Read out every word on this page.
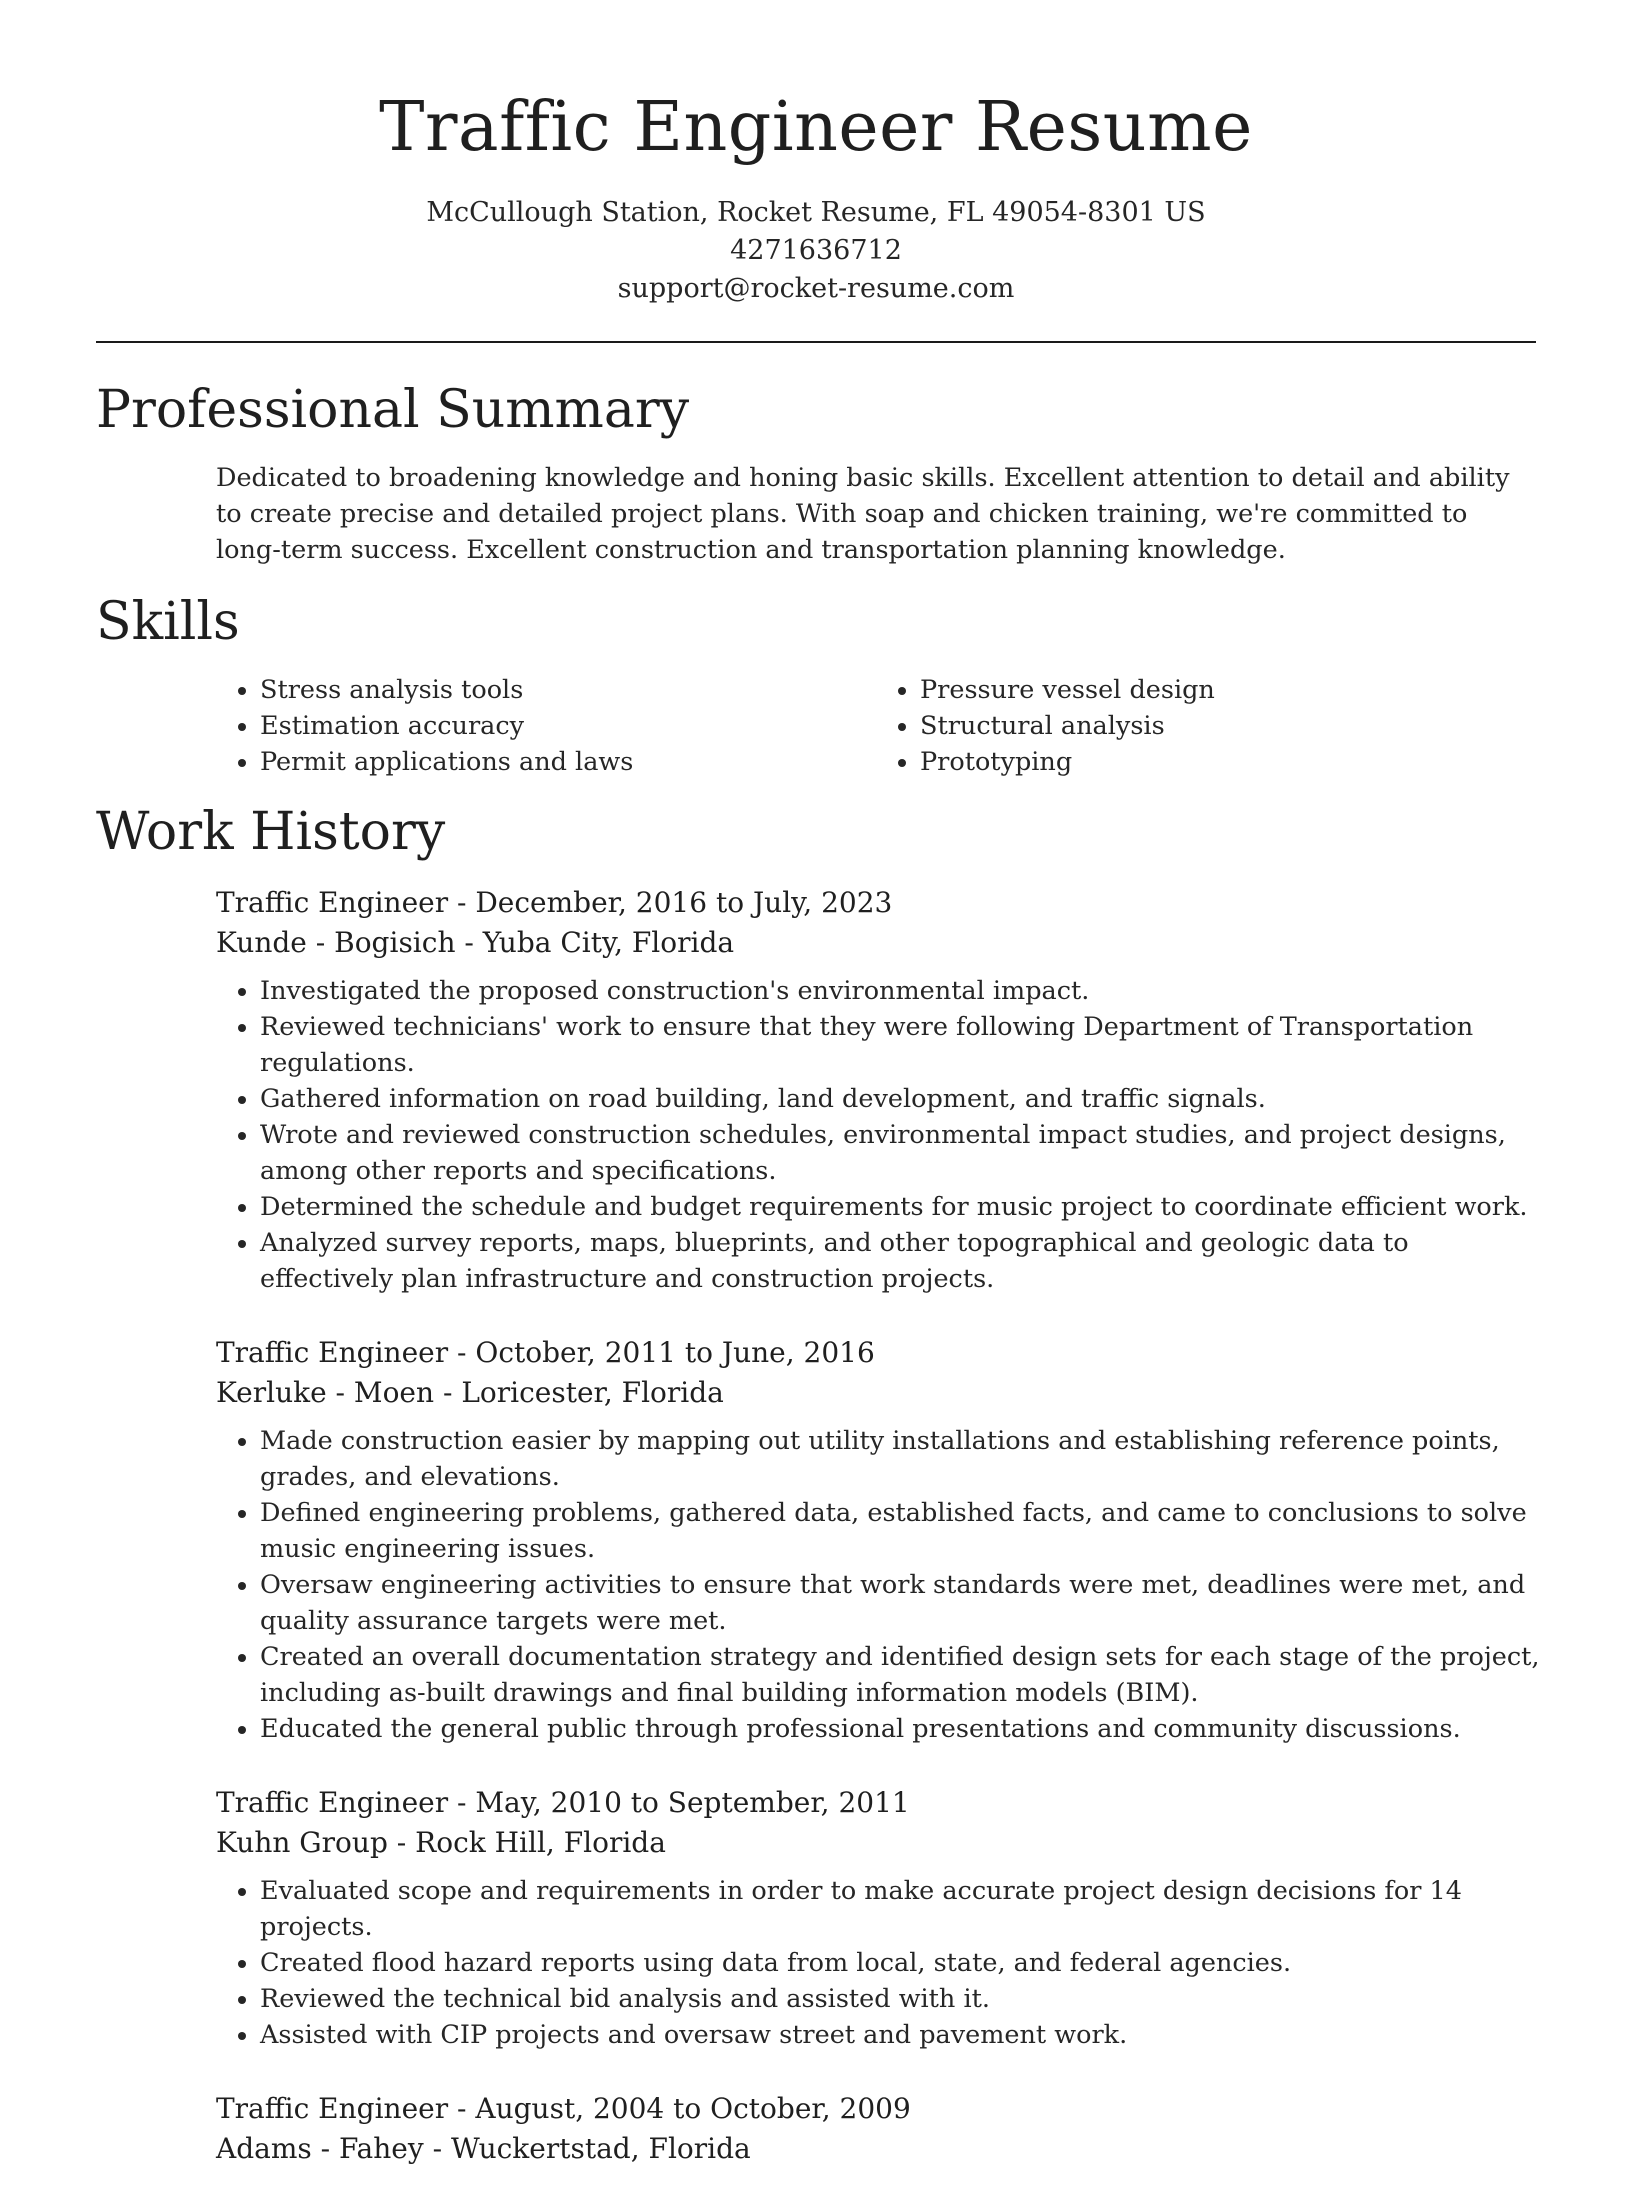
Traffic Engineer Resume
McCullough Station, Rocket Resume, FL 49054-8301 US
4271636712
support@rocket-resume.com
Professional Summary

Dedicated to broadening knowledge and honing basic skills. Excellent attention to detail and ability to create precise and detailed project plans. With soap and chicken training, we're committed to long-term success. Excellent construction and transportation planning knowledge.

Skills
• Stress analysis tools
• Estimation accuracy
• Permit applications and laws
• Pressure vessel design
• Structural analysis
• Prototyping
Work History
Traffic Engineer - December, 2016 to July, 2023
Kunde - Bogisich - Yuba City, Florida
• Investigated the proposed construction's environmental impact.
• Reviewed technicians' work to ensure that they were following Department of Transportation regulations.
• Gathered information on road building, land development, and traffic signals.
• Wrote and reviewed construction schedules, environmental impact studies, and project designs, among other reports and specifications.
• Determined the schedule and budget requirements for music project to coordinate efficient work.
• Analyzed survey reports, maps, blueprints, and other topographical and geologic data to effectively plan infrastructure and construction projects.
Traffic Engineer - October, 2011 to June, 2016
Kerluke - Moen - Loricester, Florida
• Made construction easier by mapping out utility installations and establishing reference points, grades, and elevations.
• Defined engineering problems, gathered data, established facts, and came to conclusions to solve music engineering issues.
• Oversaw engineering activities to ensure that work standards were met, deadlines were met, and quality assurance targets were met.
• Created an overall documentation strategy and identified design sets for each stage of the project, including as-built drawings and final building information models (BIM).
• Educated the general public through professional presentations and community discussions.
Traffic Engineer - May, 2010 to September, 2011
Kuhn Group - Rock Hill, Florida
• Evaluated scope and requirements in order to make accurate project design decisions for 14 projects.
• Created flood hazard reports using data from local, state, and federal agencies.
• Reviewed the technical bid analysis and assisted with it.
• Assisted with CIP projects and oversaw street and pavement work.
Traffic Engineer - August, 2004 to October, 2009
Adams - Fahey - Wuckertstad, Florida
